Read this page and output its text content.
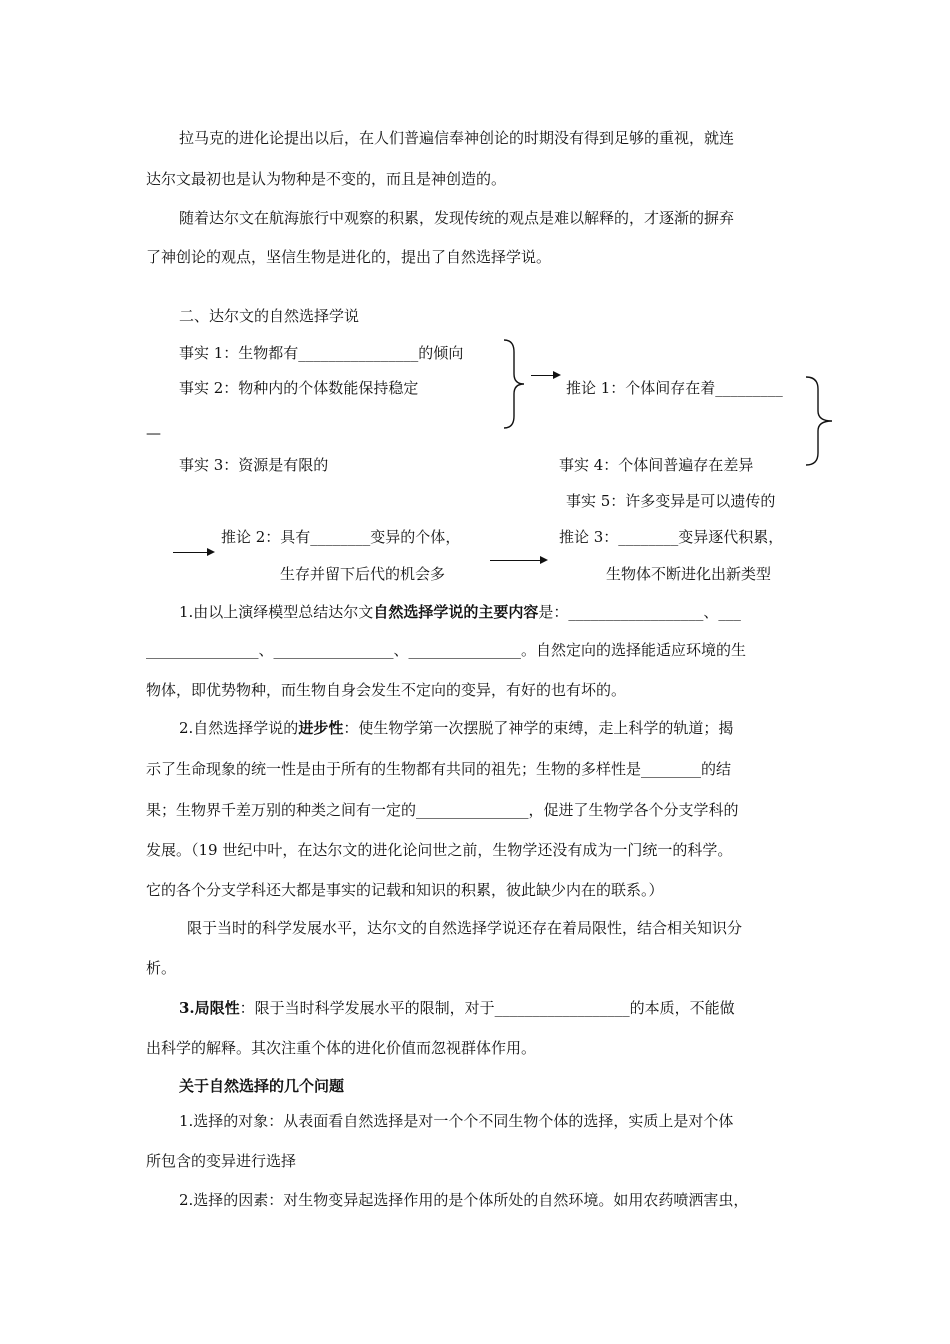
拉马克的进化论提出以后，在人们普遍信奉神创论的时期没有得到足够的重视，就连
达尔文最初也是认为物种是不变的，而且是神创造的。
随着达尔文在航海旅行中观察的积累，发现传统的观点是难以解释的，才逐渐的摒弃
了神创论的观点，坚信生物是进化的，提出了自然选择学说。
二、达尔文的自然选择学说
事实 1：生物都有________________的倾向
事实 2：物种内的个体数能保持稳定	推论 1：个体间存在着_________
—
事实 3：资源是有限的	事实 4：个体间普遍存在差异
事实 5：许多变异是可以遗传的
推论 2：具有________变异的个体，
生存并留下后代的机会多
推论 3：________变异逐代积累，
生物体不断进化出新类型
1.由以上演绎模型总结达尔文自然选择学说的主要内容是：__________________、___
_______________、________________、_______________。自然定向的选择能适应环境的生
物体，即优势物种，而生物自身会发生不定向的变异，有好的也有坏的。
2.自然选择学说的进步性：使生物学第一次摆脱了神学的束缚，走上科学的轨道；揭
示了生命现象的统一性是由于所有的生物都有共同的祖先；生物的多样性是________的结
果；生物界千差万别的种类之间有一定的_______________，促进了生物学各个分支学科的
发展。（19 世纪中叶，在达尔文的进化论问世之前，生物学还没有成为一门统一的科学。
它的各个分支学科还大都是事实的记载和知识的积累，彼此缺少内在的联系。）
限于当时的科学发展水平，达尔文的自然选择学说还存在着局限性，结合相关知识分
析。
3.局限性：限于当时科学发展水平的限制，对于__________________的本质，不能做
出科学的解释。其次注重个体的进化价值而忽视群体作用。
关于自然选择的几个问题
1.选择的对象：从表面看自然选择是对一个个不同生物个体的选择，实质上是对个体
所包含的变异进行选择
2.选择的因素：对生物变异起选择作用的是个体所处的自然环境。如用农药喷洒害虫，
